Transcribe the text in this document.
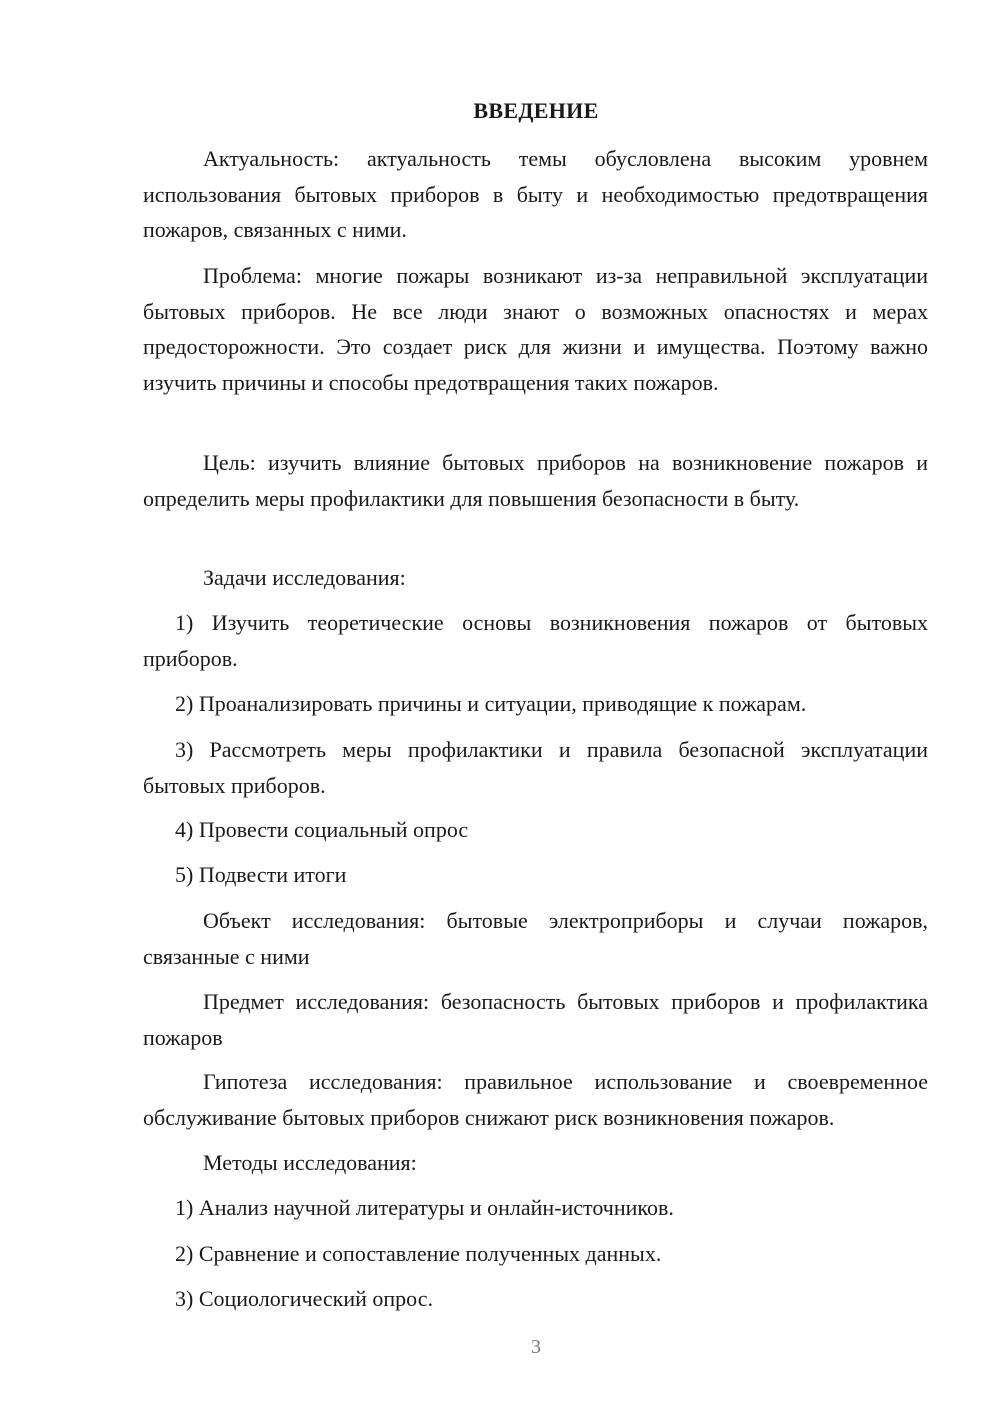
ВВЕДЕНИЕ

Актуальность: актуальность темы обусловлена высоким уровнем использования бытовых приборов в быту и необходимостью предотвращения пожаров, связанных с ними.

Проблема: многие пожары возникают из-за неправильной эксплуатации бытовых приборов. Не все люди знают о возможных опасностях и мерах предосторожности. Это создает риск для жизни и имущества. Поэтому важно изучить причины и способы предотвращения таких пожаров.

Цель: изучить влияние бытовых приборов на возникновение пожаров и определить меры профилактики для повышения безопасности в быту.

Задачи исследования:

1) Изучить теоретические основы возникновения пожаров от бытовых приборов.

2) Проанализировать причины и ситуации, приводящие к пожарам.

3) Рассмотреть меры профилактики и правила безопасной эксплуатации бытовых приборов.

4) Провести социальный опрос

5) Подвести итоги

Объект исследования: бытовые электроприборы и случаи пожаров, связанные с ними

Предмет исследования: безопасность бытовых приборов и профилактика пожаров

Гипотеза исследования: правильное использование и своевременное обслуживание бытовых приборов снижают риск возникновения пожаров.

Методы исследования:

1) Анализ научной литературы и онлайн-источников.

2) Сравнение и сопоставление полученных данных.

3) Социологический опрос.

3
